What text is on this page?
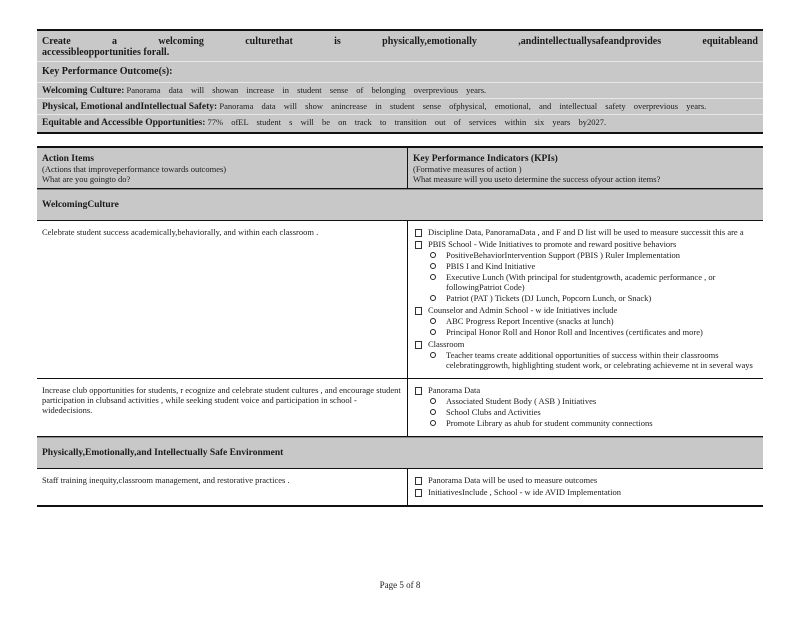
Create a welcoming culturethat is physically,emotionally ,andintellectuallysafeandprovides equitableand
accessibleopportunities forall.
Key Performance Outcome(s):
Welcoming Culture: Panorama data will showan increase in student sense of belonging overprevious years.
Physical, Emotional andIntellectual Safety: Panorama data will show anincrease in student sense ofphysical, emotional, and intellectual safety overprevious years.
Equitable and Accessible Opportunities: 77% ofEL student s will be on track to transition out of services within six years by2027.
Action Items
(Actions that improveperformance towards outcomes)
What are you goingto do?
Key Performance Indicators (KPIs)
(Formative measures of action )
What measure will you useto determine the success ofyour action items?
WelcomingCulture
Celebrate student success academically,behaviorally, and within each classroom .	Discipline Data, PanoramaData , and F and D list will be used to measure successit this are a
PBIS School - Wide Initiatives to promote and reward positive behaviors
PositiveBehaviorIntervention Support (PBIS ) Ruler Implementation
PBIS I and Kind Initiative
Executive Lunch (With principal for studentgrowth, academic performance , or followingPatriot Code)
Patriot (PAT ) Tickets (DJ Lunch, Popcorn Lunch, or Snack)
Counselor and Admin School - w ide Initiatives include
ABC Progress Report Incentive (snacks at lunch)
Principal Honor Roll and Honor Roll and Incentives (certificates and more)
Classroom
Teacher teams create additional opportunities of success within their classrooms celebratinggrowth, highlighting student work, or celebrating achieveme nt in several ways
Increase club opportunities for students, r ecognize and celebrate student cultures , and encourage student participation in clubsand activities , while seeking student voice and participation in school -widedecisions.
Panorama Data
Associated Student Body ( ASB ) Initiatives
School Clubs and Activities
Promote Library as ahub for student community connections
Physically,Emotionally,and Intellectually Safe Environment
Staff training inequity,classroom management, and restorative practices .	Panorama Data will be used to measure outcomes
InitiativesInclude , School - w ide AVID Implementation
Page 5 of 8
